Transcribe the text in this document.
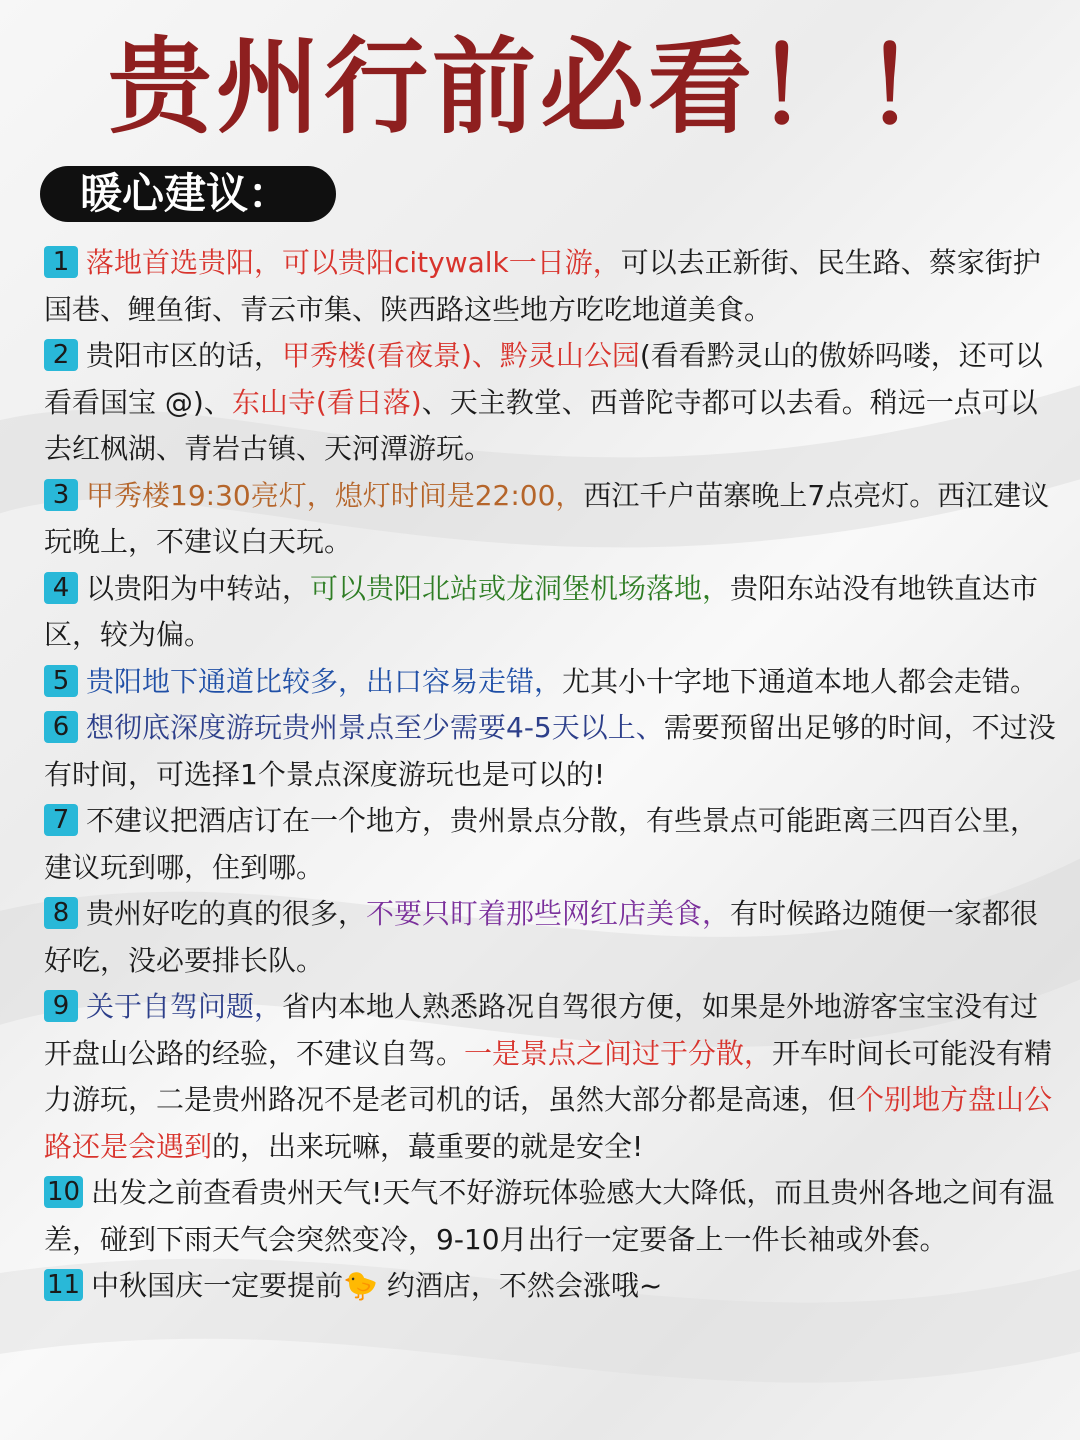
贵州行前必看！！
暖心建议：

1 落地首选贵阳，可以贵阳citywalk一日游，可以去正新街、民生路、蔡家街护国巷、鲤鱼街、青云市集、陕西路这些地方吃吃地道美食。

2 贵阳市区的话，甲秀楼(看夜景)、黔灵山公园(看看黔灵山的傲娇吗喽，还可以看看国宝 @)、东山寺(看日落)、天主教堂、西普陀寺都可以去看。稍远一点可以去红枫湖、青岩古镇、天河潭游玩。

3 甲秀楼19:30亮灯，熄灯时间是22:00，西江千户苗寨晚上7点亮灯。西江建议玩晚上，不建议白天玩。

4 以贵阳为中转站，可以贵阳北站或龙洞堡机场落地，贵阳东站没有地铁直达市区，较为偏。

5 贵阳地下通道比较多，出口容易走错，尤其小十字地下通道本地人都会走错。

6 想彻底深度游玩贵州景点至少需要4-5天以上、需要预留出足够的时间，不过没有时间，可选择1个景点深度游玩也是可以的!

7 不建议把酒店订在一个地方，贵州景点分散，有些景点可能距离三四百公里，建议玩到哪，住到哪。

8 贵州好吃的真的很多，不要只盯着那些网红店美食，有时候路边随便一家都很好吃，没必要排长队。

9 关于自驾问题，省内本地人熟悉路况自驾很方便，如果是外地游客宝宝没有过开盘山公路的经验，不建议自驾。一是景点之间过于分散，开车时间长可能没有精力游玩，二是贵州路况不是老司机的话，虽然大部分都是高速，但个别地方盘山公路还是会遇到的，出来玩嘛，蕞重要的就是安全!

10 出发之前查看贵州天气!天气不好游玩体验感大大降低，而且贵州各地之间有温差，碰到下雨天气会突然变冷，9-10月出行一定要备上一件长袖或外套。

11 中秋国庆一定要提前🐤 约酒店，不然会涨哦~
